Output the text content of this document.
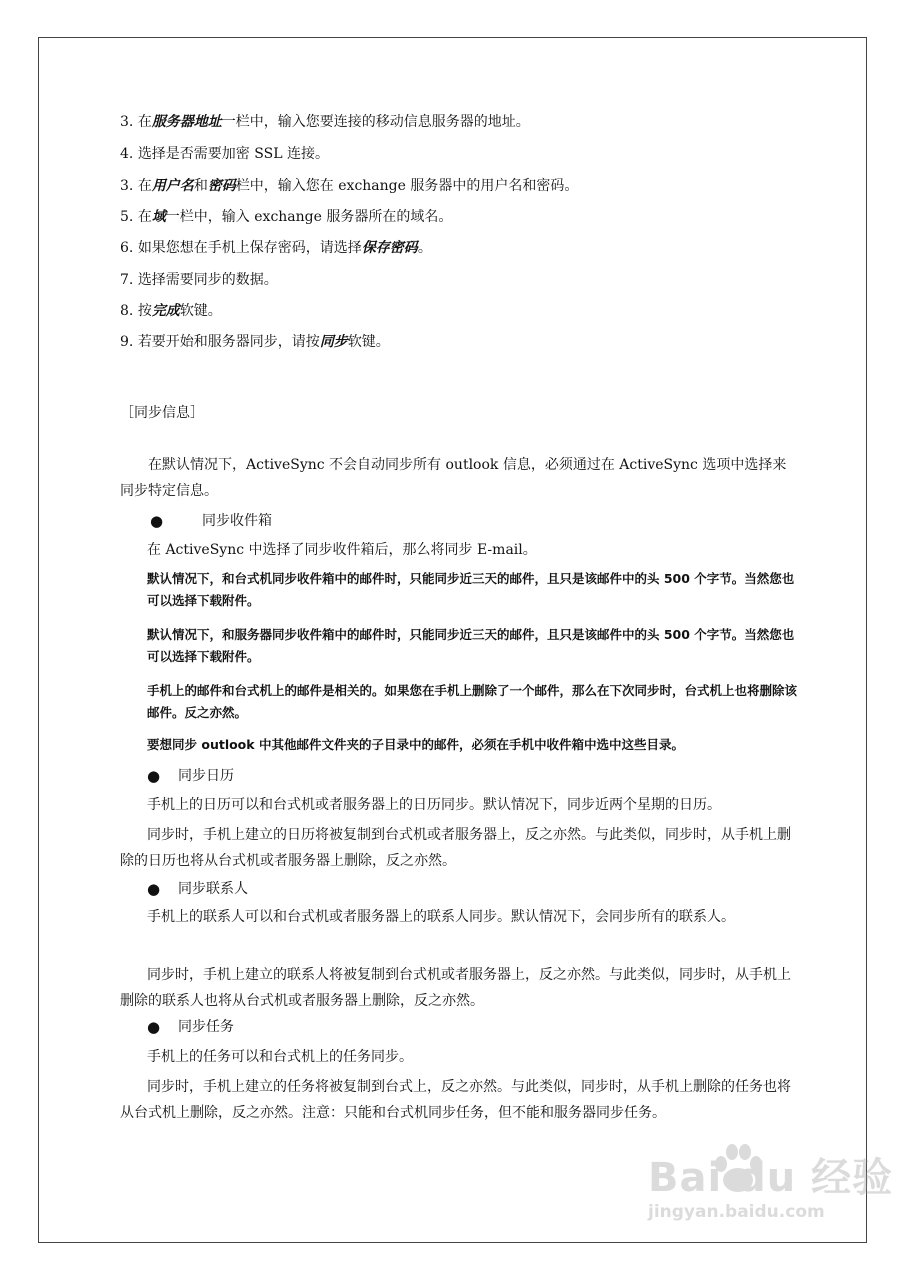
3. 在服务器地址一栏中，输入您要连接的移动信息服务器的地址。
4. 选择是否需要加密 SSL 连接。
3. 在用户名和密码栏中，输入您在 exchange 服务器中的用户名和密码。
5. 在域一栏中，输入 exchange 服务器所在的域名。
6. 如果您想在手机上保存密码，请选择保存密码。
7. 选择需要同步的数据。
8. 按完成软键。
9. 若要开始和服务器同步，请按同步软键。
［同步信息］
在默认情况下，ActiveSync 不会自动同步所有 outlook 信息，必须通过在 ActiveSync 选项中选择来同步特定信息。
●	同步收件箱
在 ActiveSync 中选择了同步收件箱后，那么将同步 E-mail。
默认情况下，和台式机同步收件箱中的邮件时，只能同步近三天的邮件，且只是该邮件中的头 500 个字节。当然您也可以选择下载附件。
默认情况下，和服务器同步收件箱中的邮件时，只能同步近三天的邮件，且只是该邮件中的头 500 个字节。当然您也可以选择下载附件。
手机上的邮件和台式机上的邮件是相关的。如果您在手机上删除了一个邮件，那么在下次同步时，台式机上也将删除该邮件。反之亦然。
要想同步 outlook 中其他邮件文件夹的子目录中的邮件，必须在手机中收件箱中选中这些目录。
● 同步日历
手机上的日历可以和台式机或者服务器上的日历同步。默认情况下，同步近两个星期的日历。
同步时，手机上建立的日历将被复制到台式机或者服务器上，反之亦然。与此类似，同步时，从手机上删除的日历也将从台式机或者服务器上删除，反之亦然。
● 同步联系人
手机上的联系人可以和台式机或者服务器上的联系人同步。默认情况下，会同步所有的联系人。
同步时，手机上建立的联系人将被复制到台式机或者服务器上，反之亦然。与此类似，同步时，从手机上删除的联系人也将从台式机或者服务器上删除，反之亦然。
● 同步任务
手机上的任务可以和台式机上的任务同步。
同步时，手机上建立的任务将被复制到台式上，反之亦然。与此类似，同步时，从手机上删除的任务也将从台式机上删除，反之亦然。注意：只能和台式机同步任务，但不能和服务器同步任务。
Bai du 经验
jingyan.baidu.com
